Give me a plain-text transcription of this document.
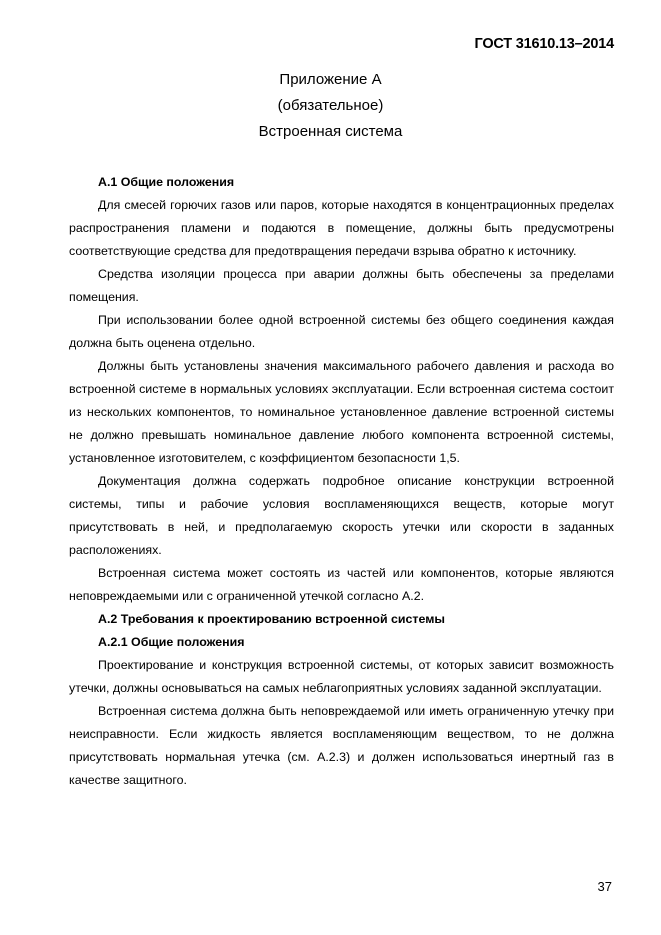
ГОСТ 31610.13–2014
Приложение А
(обязательное)
Встроенная система

А.1 Общие положения

Для смесей горючих газов или паров, которые находятся в концентрационных пределах распространения пламени и подаются в помещение, должны быть предусмотрены соответствующие средства для предотвращения передачи взрыва обратно к источнику.

Средства изоляции процесса при аварии должны быть обеспечены за пределами помещения.

При использовании более одной встроенной системы без общего соединения каждая должна быть оценена отдельно.

Должны быть установлены значения максимального рабочего давления и расхода во встроенной системе в нормальных условиях эксплуатации. Если встроенная система состоит из нескольких компонентов, то номинальное установленное давление встроенной системы не должно превышать номинальное давление любого компонента встроенной системы, установленное изготовителем, с коэффициентом безопасности 1,5.

Документация должна содержать подробное описание конструкции встроенной системы, типы и рабочие условия воспламеняющихся веществ, которые могут присутствовать в ней, и предполагаемую скорость утечки или скорости в заданных расположениях.

Встроенная система может состоять из частей или компонентов, которые являются неповреждаемыми или с ограниченной утечкой согласно А.2.

А.2 Требования к проектированию встроенной системы

А.2.1 Общие положения

Проектирование и конструкция встроенной системы, от которых зависит возможность утечки, должны основываться на самых неблагоприятных условиях заданной эксплуатации.

Встроенная система должна быть неповреждаемой или иметь ограниченную утечку при неисправности. Если жидкость является воспламеняющим веществом, то не должна присутствовать нормальная утечка (см. А.2.3) и должен использоваться инертный газ в качестве защитного.

37
